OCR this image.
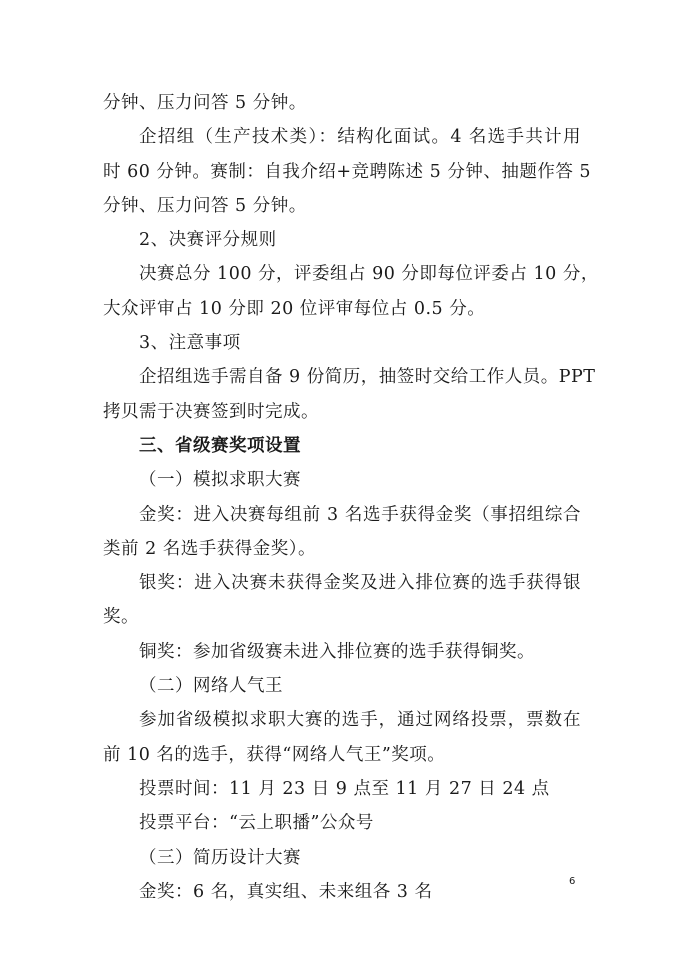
分钟、压力问答 5 分钟。
企招组（生产技术类）：结构化面试。4 名选手共计用
时 60 分钟。赛制：自我介绍+竞聘陈述 5 分钟、抽题作答 5
分钟、压力问答 5 分钟。
2、决赛评分规则
决赛总分 100 分，评委组占 90 分即每位评委占 10 分，
大众评审占 10 分即 20 位评审每位占 0.5 分。
3、注意事项
企招组选手需自备 9 份简历，抽签时交给工作人员。PPT
拷贝需于决赛签到时完成。
三、省级赛奖项设置
（一）模拟求职大赛
金奖：进入决赛每组前 3 名选手获得金奖（事招组综合
类前 2 名选手获得金奖）。
银奖：进入决赛未获得金奖及进入排位赛的选手获得银
奖。
铜奖：参加省级赛未进入排位赛的选手获得铜奖。
（二）网络人气王
参加省级模拟求职大赛的选手，通过网络投票，票数在
前 10 名的选手，获得“网络人气王”奖项。
投票时间：11 月 23 日 9 点至 11 月 27 日 24 点
投票平台：“云上职播”公众号
（三）简历设计大赛
金奖：6 名，真实组、未来组各 3 名
6
